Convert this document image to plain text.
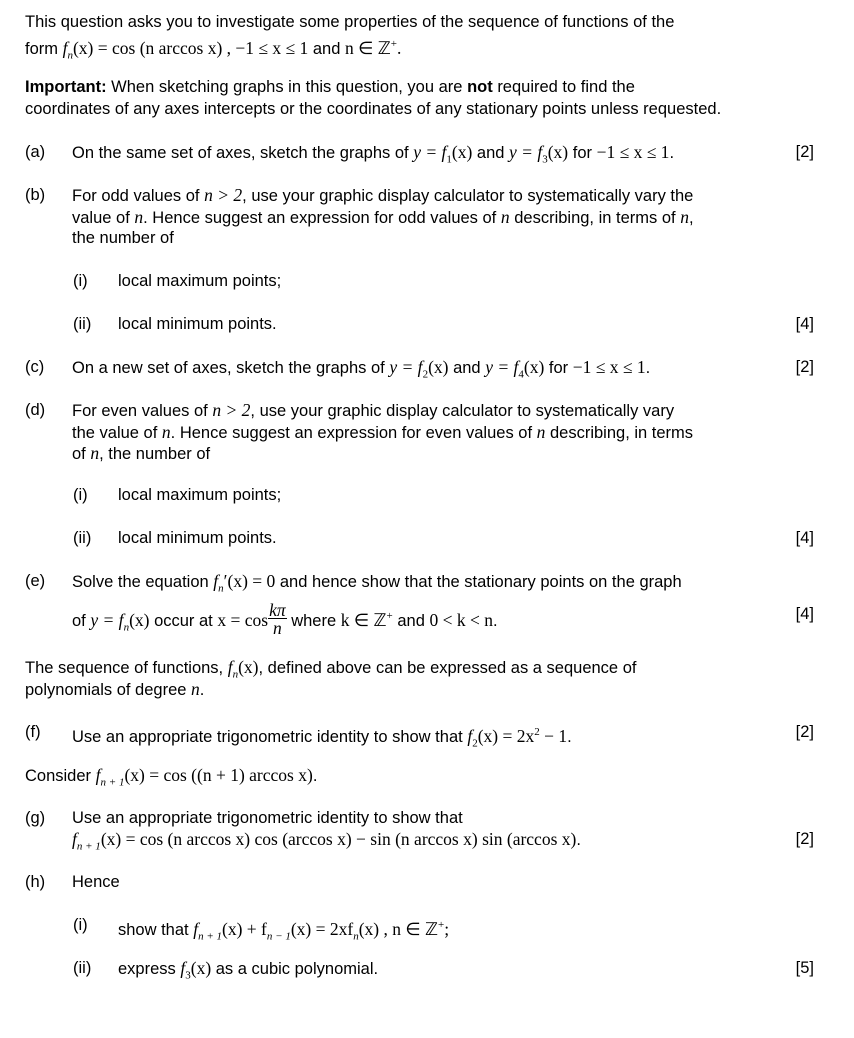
This question asks you to investigate some properties of the sequence of functions of the
form $f_n(x) = \cos (n$ arccos x) , −1 ≤ x ≤ 1 and n ∈ ℤ+.
Important: When sketching graphs in this question, you are not required to find the
coordinates of any axes intercepts or the coordinates of any stationary points unless requested.
(a) On the same set of axes, sketch the graphs of $y = f_1(x)$ and $y = f_3(x)$ for −1 ≤ x ≤ 1.	[2]
(b) For odd values of n > 2, use your graphic display calculator to systematically vary the
value of n. Hence suggest an expression for odd values of n describing, in terms of n,
the number of
(i) local maximum points;
(ii) local minimum points.	[4]
(c) On a new set of axes, sketch the graphs of $y = f_2(x)$ and $y = f_4(x)$ for −1 ≤ x ≤ 1.	[2]
(d) For even values of n > 2, use your graphic display calculator to systematically vary
the value of n. Hence suggest an expression for even values of n describing, in terms
of n, the number of
(i) local maximum points;
(ii) local minimum points.	[4]
(e) Solve the equation $f_n'(x) = 0$ and hence show that the stationary points on the graph
of $y = f_n(x)$ occur at $x = \cos \frac{k\pi}{n}$ where k ∈ ℤ+ and 0 < k < n.	[4]
The sequence of functions, $f_n(x)$, defined above can be expressed as a sequence of
polynomials of degree n.
(f) Use an appropriate trigonometric identity to show that $f_2(x) = 2x^2 - 1$.	[2]
Consider $f_{n + 1}(x) = \cos ((n + 1)$ arccos x).
(g) Use an appropriate trigonometric identity to show that
$f_{n + 1}(x) = \cos (n$ arccos x) cos (arccos x) − sin (n arccos x) sin (arccos x).	[2]
(h) Hence
(i) show that $f_{n + 1}(x) + f_{n - 1}(x) = 2xf_n(x)$ , n ∈ ℤ+;
(ii) express $f_3(x)$ as a cubic polynomial.	[5]
